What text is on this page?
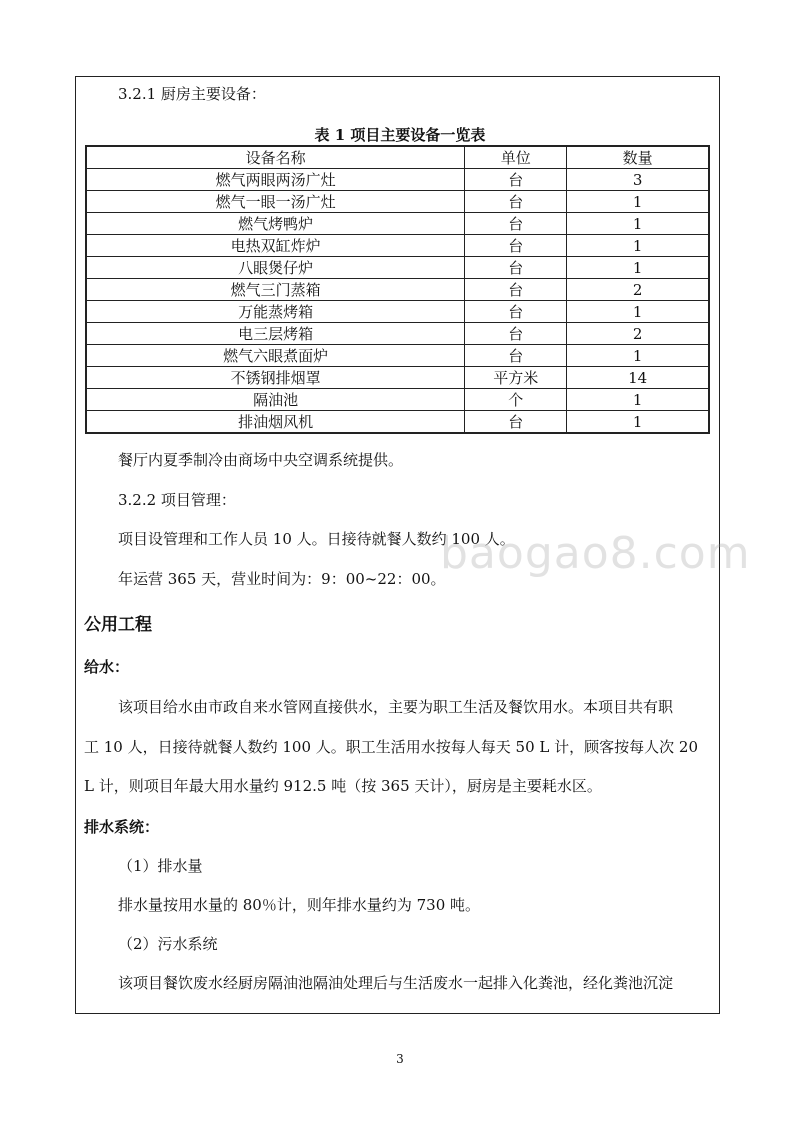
3.2.1 厨房主要设备：
表 1 项目主要设备一览表
设备名称	单位	数量
燃气两眼两汤广灶	台	3
燃气一眼一汤广灶	台	1
燃气烤鸭炉	台	1
电热双缸炸炉	台	1
八眼煲仔炉	台	1
燃气三门蒸箱	台	2
万能蒸烤箱	台	1
电三层烤箱	台	2
燃气六眼煮面炉	台	1
不锈钢排烟罩	平方米	14
隔油池	个	1
排油烟风机	台	1
餐厅内夏季制冷由商场中央空调系统提供。
3.2.2 项目管理：
项目设管理和工作人员 10 人。日接待就餐人数约 100 人。
baogao8.com
年运营 365 天，营业时间为：9：00~22：00。
公用工程
给水：
该项目给水由市政自来水管网直接供水，主要为职工生活及餐饮用水。本项目共有职
工 10 人，日接待就餐人数约 100 人。职工生活用水按每人每天 50 L 计，顾客按每人次 20
L 计，则项目年最大用水量约 912.5 吨（按 365 天计），厨房是主要耗水区。
排水系统：
（1）排水量
排水量按用水量的 80％计，则年排水量约为 730 吨。
（2）污水系统
该项目餐饮废水经厨房隔油池隔油处理后与生活废水一起排入化粪池，经化粪池沉淀
3
